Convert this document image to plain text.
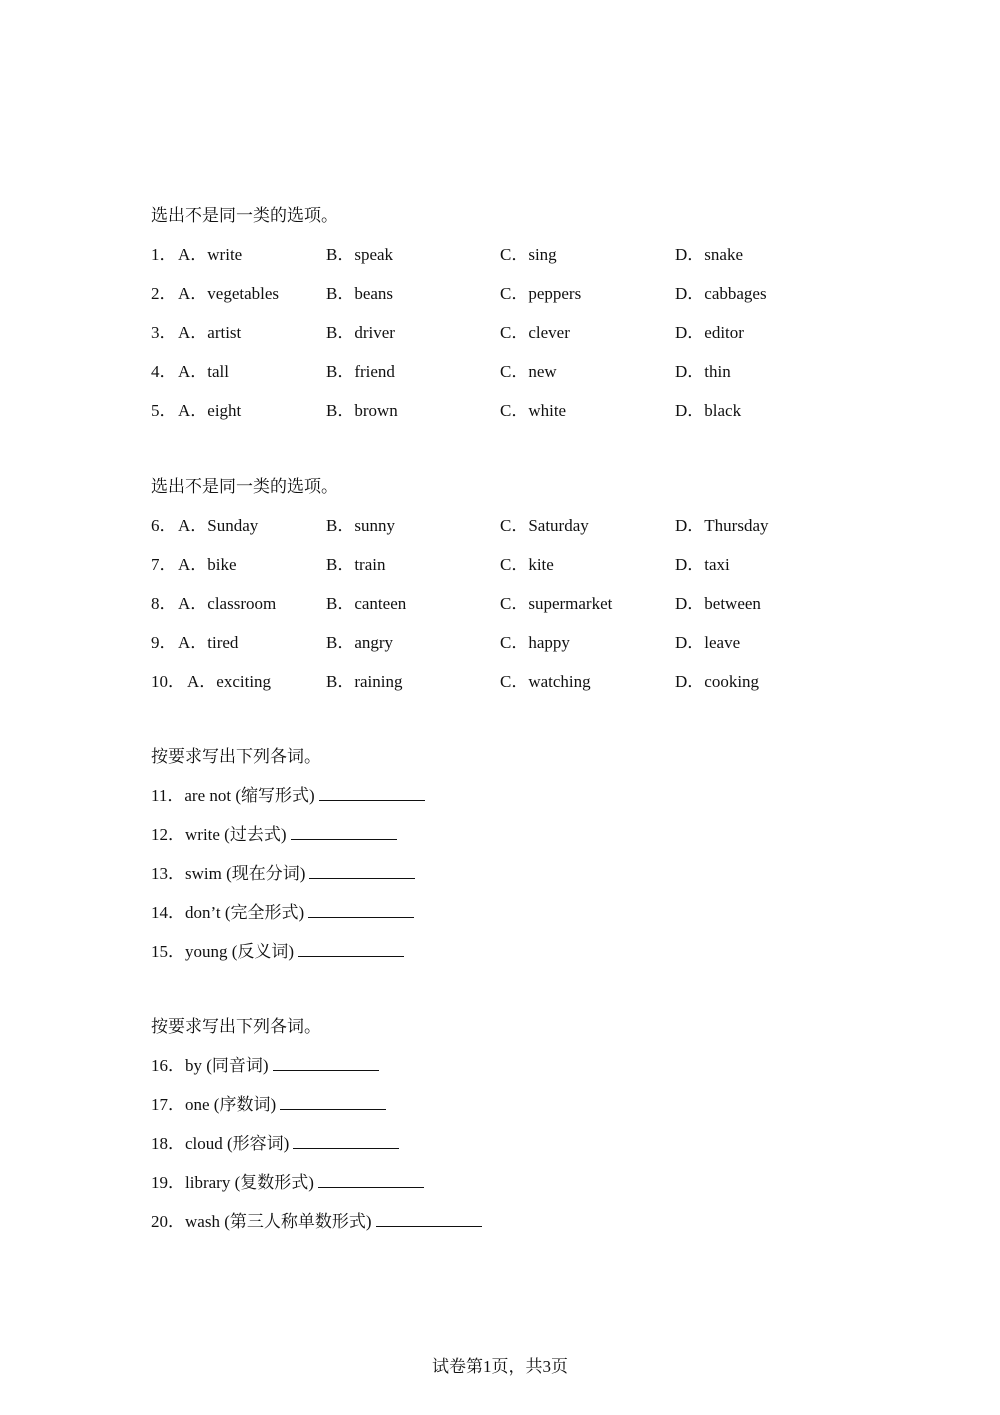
选出不是同一类的选项。
1． A．write	B．speak	C．sing	D．snake
2． A．vegetables	B．beans	C．peppers	D．cabbages
3． A．artist	B．driver	C．clever	D．editor
4． A．tall	B．friend	C．new	D．thin
5． A．eight	B．brown	C．white	D．black
选出不是同一类的选项。
6． A．Sunday	B．sunny	C．Saturday	D．Thursday
7． A．bike	B．train	C．kite	D．taxi
8． A．classroom	B．canteen	C．supermarket	D．between
9． A．tired	B．angry	C．happy	D．leave
10． A．exciting	B．raining	C．watching	D．cooking
按要求写出下列各词。
11．are not (缩写形式)
12．write (过去式)
13．swim (现在分词)
14．don’t (完全形式)
15．young (反义词)
按要求写出下列各词。
16．by (同音词)
17．one (序数词)
18．cloud (形容词)
19．library (复数形式)
20．wash (第三人称单数形式)
试卷第1页，共3页
